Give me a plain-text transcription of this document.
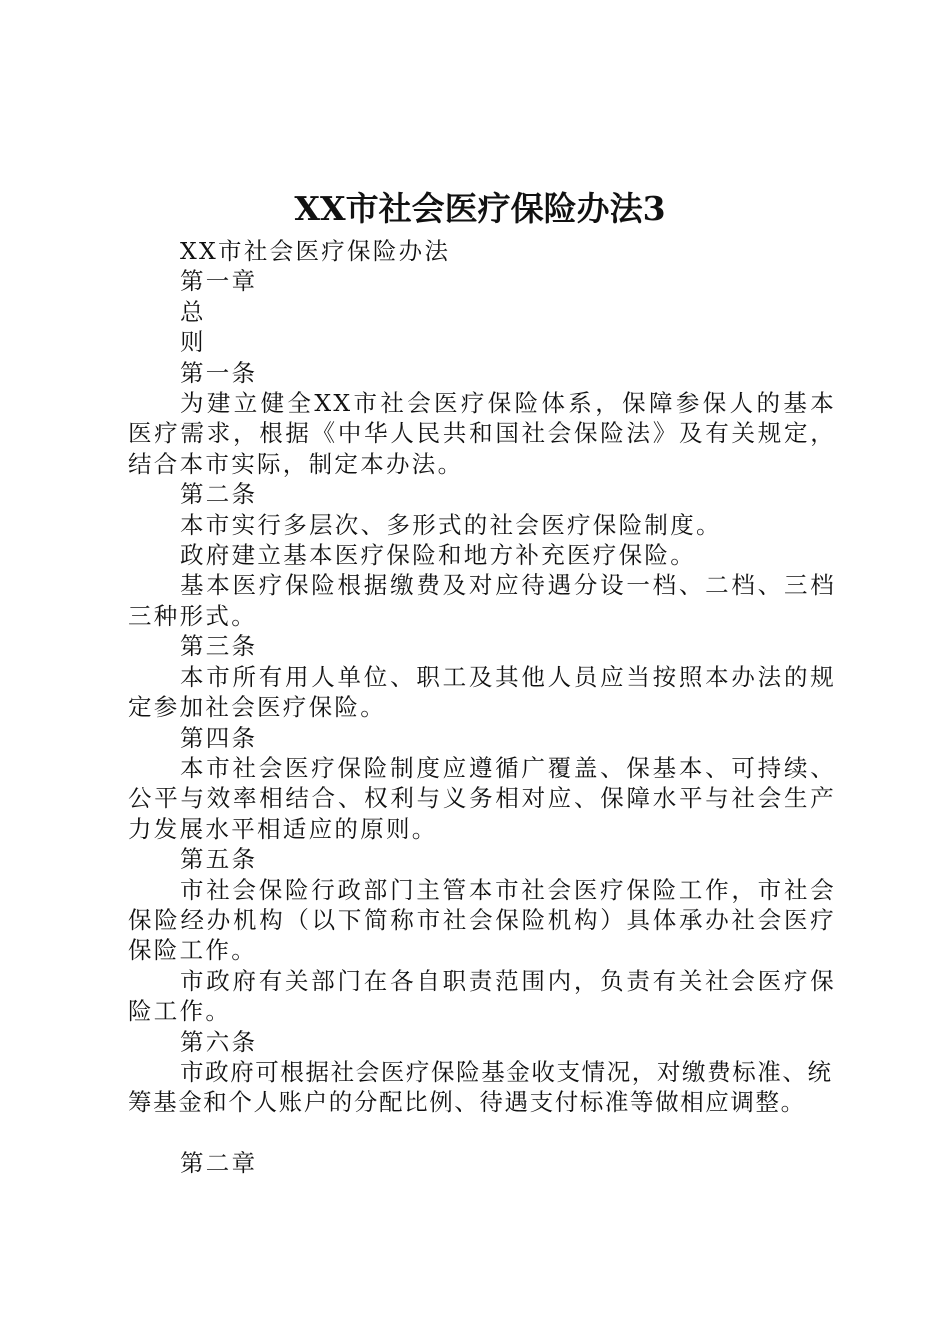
XX市社会医疗保险办法3

XX市社会医疗保险办法

第一章

总

则

第一条

为建立健全XX市社会医疗保险体系，保障参保人的基本医疗需求，根据《中华人民共和国社会保险法》及有关规定，结合本市实际，制定本办法。

第二条

本市实行多层次、多形式的社会医疗保险制度。

政府建立基本医疗保险和地方补充医疗保险。

基本医疗保险根据缴费及对应待遇分设一档、二档、三档三种形式。

第三条

本市所有用人单位、职工及其他人员应当按照本办法的规定参加社会医疗保险。

第四条

本市社会医疗保险制度应遵循广覆盖、保基本、可持续、公平与效率相结合、权利与义务相对应、保障水平与社会生产力发展水平相适应的原则。

第五条

市社会保险行政部门主管本市社会医疗保险工作，市社会保险经办机构（以下简称市社会保险机构）具体承办社会医疗保险工作。

市政府有关部门在各自职责范围内，负责有关社会医疗保险工作。

第六条

市政府可根据社会医疗保险基金收支情况，对缴费标准、统筹基金和个人账户的分配比例、待遇支付标准等做相应调整。

第二章
